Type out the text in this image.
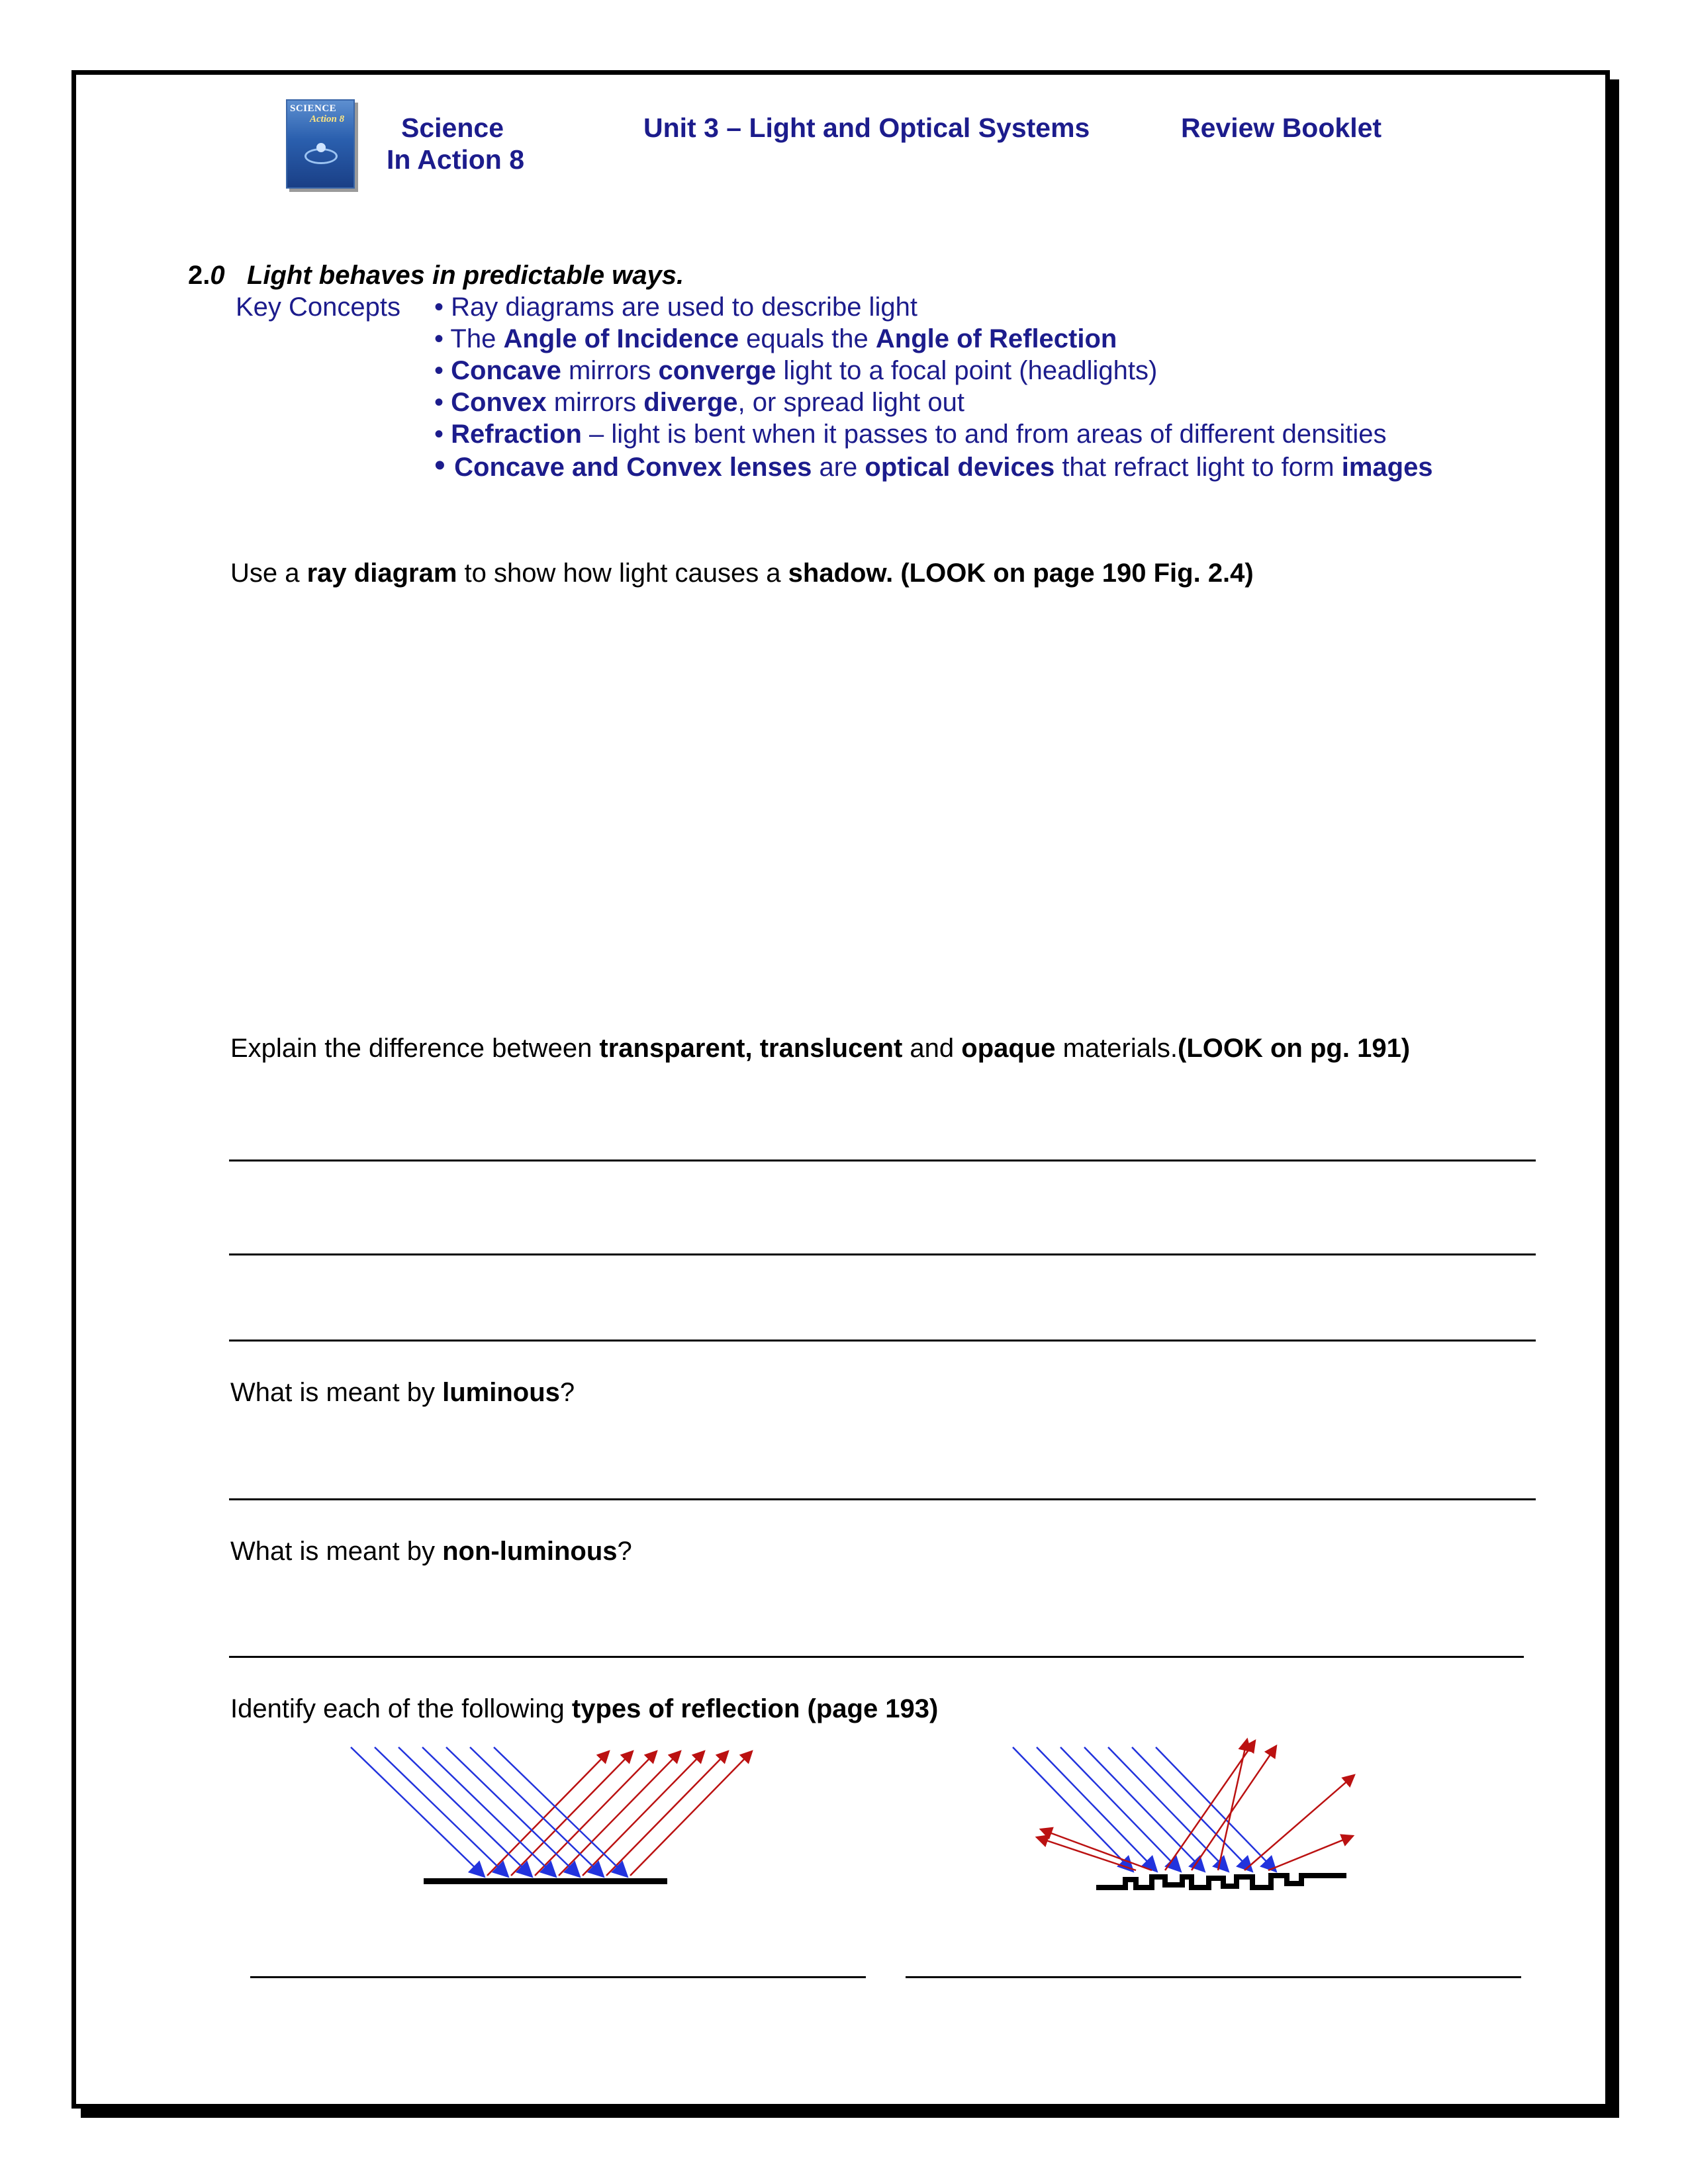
SCIENCE
Action 8 Science
In Action 8
Unit 3 – Light and Optical Systems	Review Booklet
2.0 Light behaves in predictable ways.
Key Concepts • Ray diagrams are used to describe light
• The Angle of Incidence equals the Angle of Reflection
• Concave mirrors converge light to a focal point (headlights)
• Convex mirrors diverge, or spread light out
• Refraction – light is bent when it passes to and from areas of different densities
• Concave and Convex lenses are optical devices that refract light to form images
Use a ray diagram to show how light causes a shadow. (LOOK on page 190 Fig. 2.4)
Explain the difference between transparent, translucent and opaque materials.(LOOK on pg. 191)
What is meant by luminous?
What is meant by non-luminous?
Identify each of the following types of reflection (page 193)
